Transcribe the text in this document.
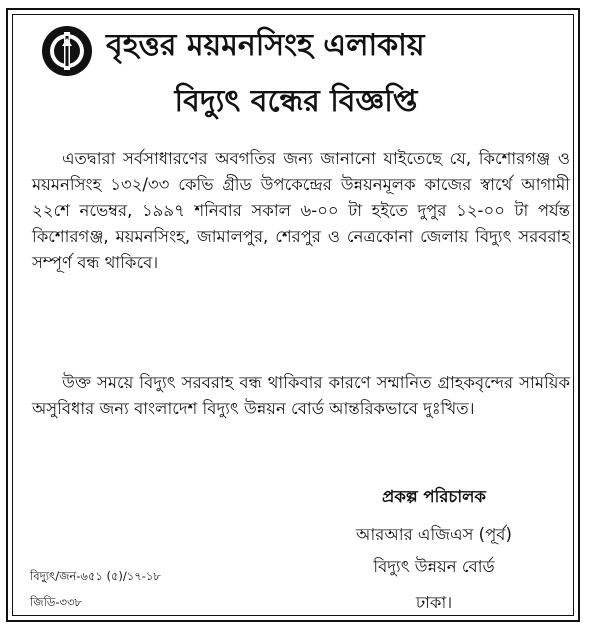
বৃহত্তর ময়মনসিংহ এলাকায়
বিদ্যুৎ বন্ধের বিজ্ঞপ্তি
এতদ্বারা সর্বসাধারণের অবগতির জন্য জানানো যাইতেছে যে, কিশোরগঞ্জ ও ময়মনসিংহ ১৩২/৩৩ কেভি গ্রীড উপকেন্দ্রের উন্নয়নমূলক কাজের স্বার্থে আগামী ২২শে নভেম্বর, ১৯৯৭ শনিবার সকাল ৬-০০ টা হইতে দুপুর ১২-০০ টা পর্যন্ত কিশোরগঞ্জ, ময়মনসিংহ, জামালপুর, শেরপুর ও নেত্রকোনা জেলায় বিদ্যুৎ সরবরাহ সম্পূর্ণ বন্ধ থাকিবে।
উক্ত সময়ে বিদ্যুৎ সরবরাহ বন্ধ থাকিবার কারণে সম্মানিত গ্রাহকবৃন্দের সাময়িক অসুবিধার জন্য বাংলাদেশ বিদ্যুৎ উন্নয়ন বোর্ড আন্তরিকভাবে দুঃখিত।
প্রকল্প পরিচালক
আরআর এজিএস (পূর্ব)
বিদ্যুৎ উন্নয়ন বোর্ড
ঢাকা।
বিদ্যুৎ/জন-৬৫১ (৫)/১৭-১৮
জিডি-৩৩৮
